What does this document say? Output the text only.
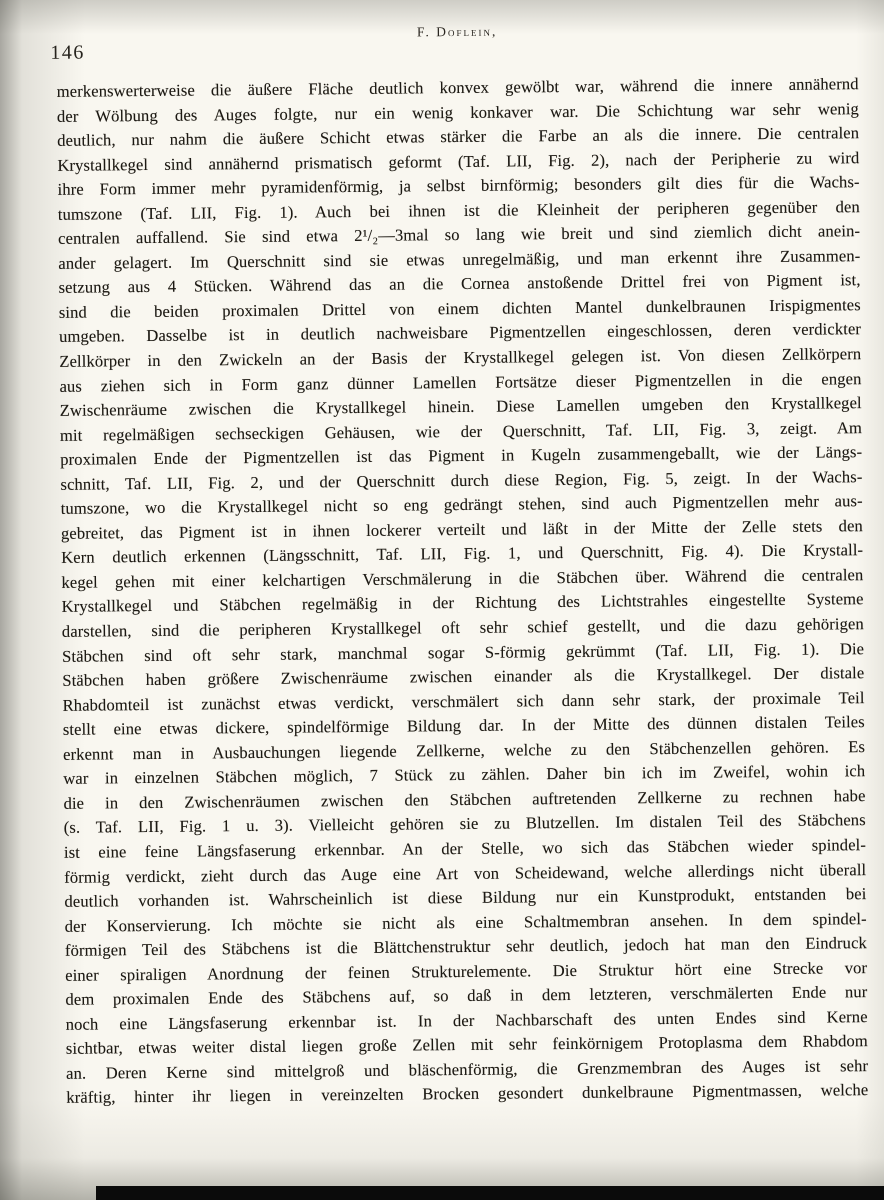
146
F. Doflein,
merkenswerterweise die äußere Fläche deutlich konvex gewölbt war, während die innere annähernd
der Wölbung des Auges folgte, nur ein wenig konkaver war. Die Schichtung war sehr wenig
deutlich, nur nahm die äußere Schicht etwas stärker die Farbe an als die innere. Die centralen
Krystallkegel sind annähernd prismatisch geformt (Taf. LII, Fig. 2), nach der Peripherie zu wird
ihre Form immer mehr pyramidenförmig, ja selbst birnförmig; besonders gilt dies für die Wachs-
tumszone (Taf. LII, Fig. 1). Auch bei ihnen ist die Kleinheit der peripheren gegenüber den
centralen auffallend. Sie sind etwa 2¹/₂—3mal so lang wie breit und sind ziemlich dicht anein-
ander gelagert. Im Querschnitt sind sie etwas unregelmäßig, und man erkennt ihre Zusammen-
setzung aus 4 Stücken. Während das an die Cornea anstoßende Drittel frei von Pigment ist,
sind die beiden proximalen Drittel von einem dichten Mantel dunkelbraunen Irispigmentes
umgeben. Dasselbe ist in deutlich nachweisbare Pigmentzellen eingeschlossen, deren verdickter
Zellkörper in den Zwickeln an der Basis der Krystallkegel gelegen ist. Von diesen Zellkörpern
aus ziehen sich in Form ganz dünner Lamellen Fortsätze dieser Pigmentzellen in die engen
Zwischenräume zwischen die Krystallkegel hinein. Diese Lamellen umgeben den Krystallkegel
mit regelmäßigen sechseckigen Gehäusen, wie der Querschnitt, Taf. LII, Fig. 3, zeigt. Am
proximalen Ende der Pigmentzellen ist das Pigment in Kugeln zusammengeballt, wie der Längs-
schnitt, Taf. LII, Fig. 2, und der Querschnitt durch diese Region, Fig. 5, zeigt. In der Wachs-
tumszone, wo die Krystallkegel nicht so eng gedrängt stehen, sind auch Pigmentzellen mehr aus-
gebreitet, das Pigment ist in ihnen lockerer verteilt und läßt in der Mitte der Zelle stets den
Kern deutlich erkennen (Längsschnitt, Taf. LII, Fig. 1, und Querschnitt, Fig. 4). Die Krystall-
kegel gehen mit einer kelchartigen Verschmälerung in die Stäbchen über. Während die centralen
Krystallkegel und Stäbchen regelmäßig in der Richtung des Lichtstrahles eingestellte Systeme
darstellen, sind die peripheren Krystallkegel oft sehr schief gestellt, und die dazu gehörigen
Stäbchen sind oft sehr stark, manchmal sogar S-förmig gekrümmt (Taf. LII, Fig. 1). Die
Stäbchen haben größere Zwischenräume zwischen einander als die Krystallkegel. Der distale
Rhabdomteil ist zunächst etwas verdickt, verschmälert sich dann sehr stark, der proximale Teil
stellt eine etwas dickere, spindelförmige Bildung dar. In der Mitte des dünnen distalen Teiles
erkennt man in Ausbauchungen liegende Zellkerne, welche zu den Stäbchenzellen gehören. Es
war in einzelnen Stäbchen möglich, 7 Stück zu zählen. Daher bin ich im Zweifel, wohin ich
die in den Zwischenräumen zwischen den Stäbchen auftretenden Zellkerne zu rechnen habe
(s. Taf. LII, Fig. 1 u. 3). Vielleicht gehören sie zu Blutzellen. Im distalen Teil des Stäbchens
ist eine feine Längsfaserung erkennbar. An der Stelle, wo sich das Stäbchen wieder spindel-
förmig verdickt, zieht durch das Auge eine Art von Scheidewand, welche allerdings nicht überall
deutlich vorhanden ist. Wahrscheinlich ist diese Bildung nur ein Kunstprodukt, entstanden bei
der Konservierung. Ich möchte sie nicht als eine Schaltmembran ansehen. In dem spindel-
förmigen Teil des Stäbchens ist die Blättchenstruktur sehr deutlich, jedoch hat man den Eindruck
einer spiraligen Anordnung der feinen Strukturelemente. Die Struktur hört eine Strecke vor
dem proximalen Ende des Stäbchens auf, so daß in dem letzteren, verschmälerten Ende nur
noch eine Längsfaserung erkennbar ist. In der Nachbarschaft des unten Endes sind Kerne
sichtbar, etwas weiter distal liegen große Zellen mit sehr feinkörnigem Protoplasma dem Rhabdom
an. Deren Kerne sind mittelgroß und bläschenförmig, die Grenzmembran des Auges ist sehr
kräftig, hinter ihr liegen in vereinzelten Brocken gesondert dunkelbraune Pigmentmassen, welche
